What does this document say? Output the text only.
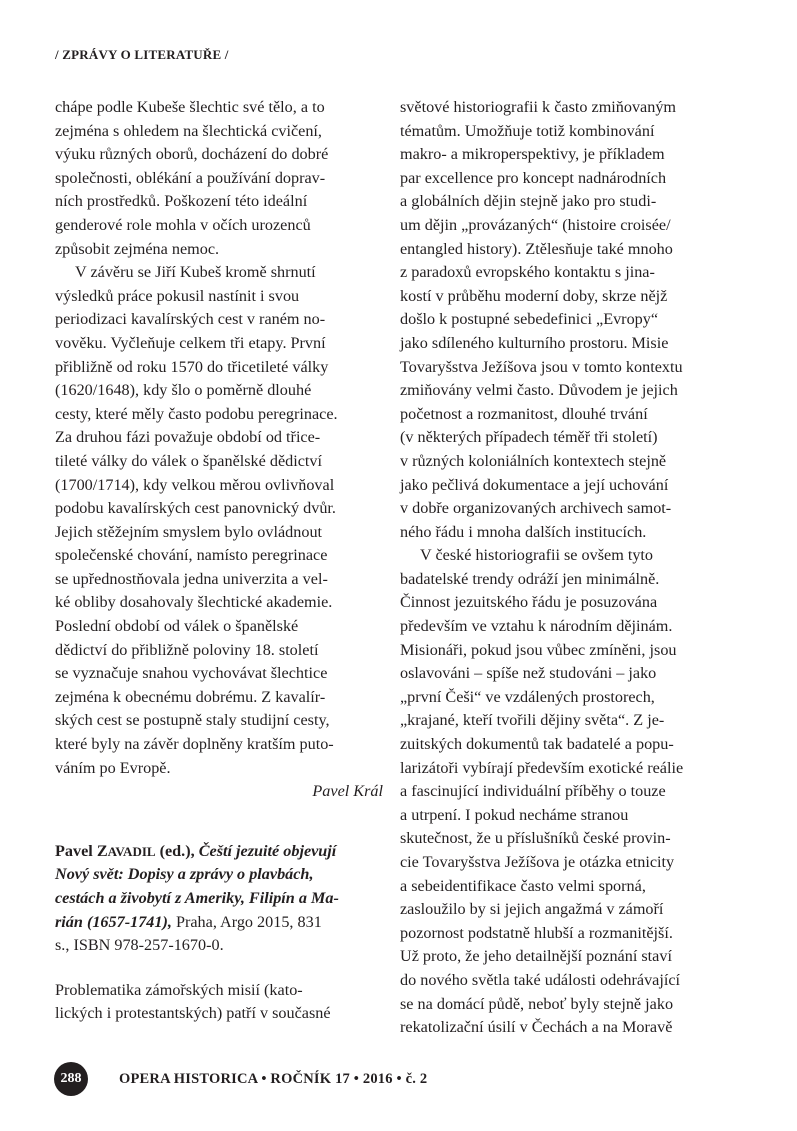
/ ZPRÁVY O LITERATUŘE /
chápe podle Kubeše šlechtic své tělo, a to
zejména s ohledem na šlechtická cvičení,
výuku různých oborů, docházení do dobré
společnosti, oblékání a používání doprav-
ních prostředků. Poškození této ideální
genderové role mohla v očích urozenců
způsobit zejména nemoc.
V závěru se Jiří Kubeš kromě shrnutí
výsledků práce pokusil nastínit i svou
periodizaci kavalírských cest v raném no-
vověku. Vyčleňuje celkem tři etapy. První
přibližně od roku 1570 do třicetileté války
(1620/1648), kdy šlo o poměrně dlouhé
cesty, které měly často podobu peregrinace.
Za druhou fázi považuje období od třice-
tileté války do válek o španělské dědictví
(1700/1714), kdy velkou měrou ovlivňoval
podobu kavalírských cest panovnický dvůr.
Jejich stěžejním smyslem bylo ovládnout
společenské chování, namísto peregrinace
se upřednostňovala jedna univerzita a vel-
ké obliby dosahovaly šlechtické akademie.
Poslední období od válek o španělské
dědictví do přibližně poloviny 18. století
se vyznačuje snahou vychovávat šlechtice
zejména k obecnému dobrému. Z kavalír-
ských cest se postupně staly studijní cesty,
které byly na závěr doplněny kratším puto-
váním po Evropě.
Pavel Král
Pavel ZAVADIL (ed.), Čeští jezuité objevují
Nový svět: Dopisy a zprávy o plavbách,
cestách a živobytí z Ameriky, Filipín a Ma-
rián (1657-1741), Praha, Argo 2015, 831
s., ISBN 978-257-1670-0.
Problematika zámořských misií (kato-
lických i protestantských) patří v současné
světové historiografii k často zmiňovaným
tématům. Umožňuje totiž kombinování
makro- a mikroperspektivy, je příkladem
par excellence pro koncept nadnárodních
a globálních dějin stejně jako pro studi-
um dějin „provázaných“ (histoire croisée/
entangled history). Ztělesňuje také mnoho
z paradoxů evropského kontaktu s jina-
kostí v průběhu moderní doby, skrze nějž
došlo k postupné sebedefinici „Evropy“
jako sdíleného kulturního prostoru. Misie
Tovaryšstva Ježíšova jsou v tomto kontextu
zmiňovány velmi často. Důvodem je jejich
početnost a rozmanitost, dlouhé trvání
(v některých případech téměř tři století)
v různých koloniálních kontextech stejně
jako pečlivá dokumentace a její uchování
v dobře organizovaných archivech samot-
ného řádu i mnoha dalších institucích.
V české historiografii se ovšem tyto
badatelské trendy odráží jen minimálně.
Činnost jezuitského řádu je posuzována
především ve vztahu k národním dějinám.
Misionáři, pokud jsou vůbec zmíněni, jsou
oslavováni – spíše než studováni – jako
„první Češi“ ve vzdálených prostorech,
„krajané, kteří tvořili dějiny světa“. Z je-
zuitských dokumentů tak badatelé a popu-
larizátoři vybírají především exotické reálie
a fascinující individuální příběhy o touze
a utrpení. I pokud necháme stranou
skutečnost, že u příslušníků české provin-
cie Tovaryšstva Ježíšova je otázka etnicity
a sebeidentifikace často velmi sporná,
zasloužilo by si jejich angažmá v zámoří
pozornost podstatně hlubší a rozmanitější.
Už proto, že jeho detailnější poznání staví
do nového světla také události odehrávající
se na domácí půdě, neboť byly stejně jako
rekatolizační úsilí v Čechách a na Moravě
288	OPERA HISTORICA • ROČNÍK 17 • 2016 • č. 2
